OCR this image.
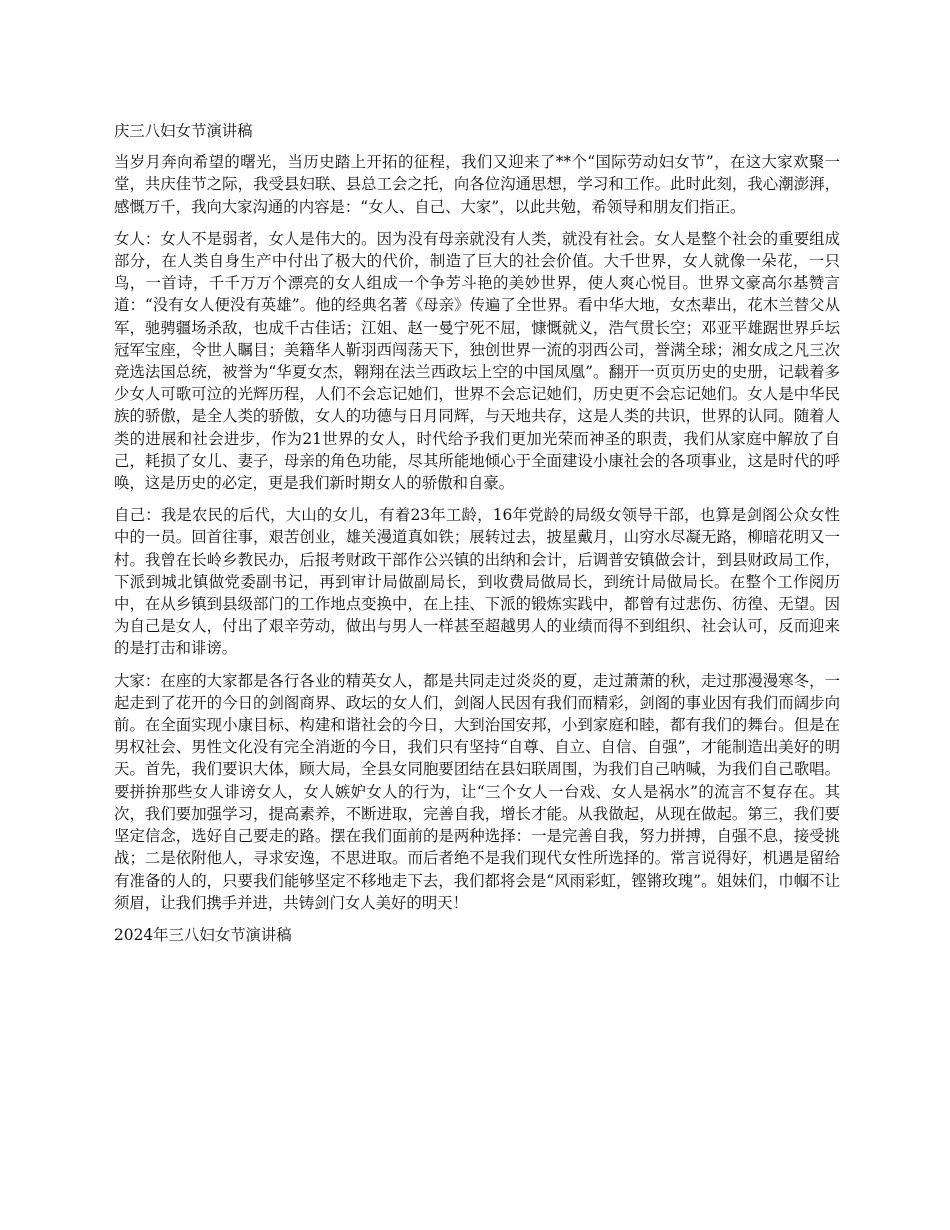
庆三八妇女节演讲稿
当岁月奔向希望的曙光，当历史踏上开拓的征程，我们又迎来了**个“国际劳动妇女节”，在这大家欢聚一堂，共庆佳节之际，我受县妇联、县总工会之托，向各位沟通思想，学习和工作。此时此刻，我心潮澎湃，感慨万千，我向大家沟通的内容是：“女人、自己、大家”，以此共勉，希领导和朋友们指正。
女人：女人不是弱者，女人是伟大的。因为没有母亲就没有人类，就没有社会。女人是整个社会的重要组成部分，在人类自身生产中付出了极大的代价，制造了巨大的社会价值。大千世界，女人就像一朵花，一只鸟，一首诗，千千万万个漂亮的女人组成一个争芳斗艳的美妙世界，使人爽心悦目。世界文豪高尔基赞言道：“没有女人便没有英雄”。他的经典名著《母亲》传遍了全世界。看中华大地，女杰辈出，花木兰替父从军，驰骋疆场杀敌，也成千古佳话；江姐、赵一曼宁死不屈，慷慨就义，浩气贯长空；邓亚平雄踞世界乒坛冠军宝座，令世人瞩目；美籍华人靳羽西闯荡天下，独创世界一流的羽西公司，誉满全球；湘女成之凡三次竞选法国总统，被誉为“华夏女杰，翱翔在法兰西政坛上空的中国凤凰”。翻开一页页历史的史册，记载着多少女人可歌可泣的光辉历程，人们不会忘记她们，世界不会忘记她们，历史更不会忘记她们。女人是中华民族的骄傲，是全人类的骄傲，女人的功德与日月同辉，与天地共存，这是人类的共识，世界的认同。随着人类的进展和社会进步，作为21世界的女人，时代给予我们更加光荣而神圣的职责，我们从家庭中解放了自己，耗损了女儿、妻子，母亲的角色功能，尽其所能地倾心于全面建设小康社会的各项事业，这是时代的呼唤，这是历史的必定，更是我们新时期女人的骄傲和自豪。
自己：我是农民的后代，大山的女儿，有着23年工龄，16年党龄的局级女领导干部，也算是剑阁公众女性中的一员。回首往事，艰苦创业，雄关漫道真如铁；展转过去，披星戴月，山穷水尽凝无路，柳暗花明又一村。我曾在长岭乡教民办，后报考财政干部作公兴镇的出纳和会计，后调普安镇做会计，到县财政局工作，下派到城北镇做党委副书记，再到审计局做副局长，到收费局做局长，到统计局做局长。在整个工作阅历中，在从乡镇到县级部门的工作地点变换中，在上挂、下派的锻炼实践中，都曾有过悲伤、彷徨、无望。因为自己是女人，付出了艰辛劳动，做出与男人一样甚至超越男人的业绩而得不到组织、社会认可，反而迎来的是打击和诽谤。
大家：在座的大家都是各行各业的精英女人，都是共同走过炎炎的夏，走过萧萧的秋，走过那漫漫寒冬，一起走到了花开的今日的剑阁商界、政坛的女人们，剑阁人民因有我们而精彩，剑阁的事业因有我们而阔步向前。在全面实现小康目标、构建和谐社会的今日，大到治国安邦，小到家庭和睦，都有我们的舞台。但是在男权社会、男性文化没有完全消逝的今日，我们只有坚持“自尊、自立、自信、自强”，才能制造出美好的明天。首先，我们要识大体，顾大局，全县女同胞要团结在县妇联周围，为我们自己呐喊，为我们自己歌唱。要拼拚那些女人诽谤女人，女人嫉妒女人的行为，让“三个女人一台戏、女人是祸水”的流言不复存在。其次，我们要加强学习，提高素养，不断进取，完善自我，增长才能。从我做起，从现在做起。第三，我们要坚定信念，选好自己要走的路。摆在我们面前的是两种选择：一是完善自我，努力拼搏，自强不息，接受挑战；二是依附他人，寻求安逸，不思进取。而后者绝不是我们现代女性所选择的。常言说得好，机遇是留给有准备的人的，只要我们能够坚定不移地走下去，我们都将会是“风雨彩虹，铿锵玫瑰”。姐妹们，巾帼不让须眉，让我们携手并进，共铸剑门女人美好的明天！
2024年三八妇女节演讲稿
